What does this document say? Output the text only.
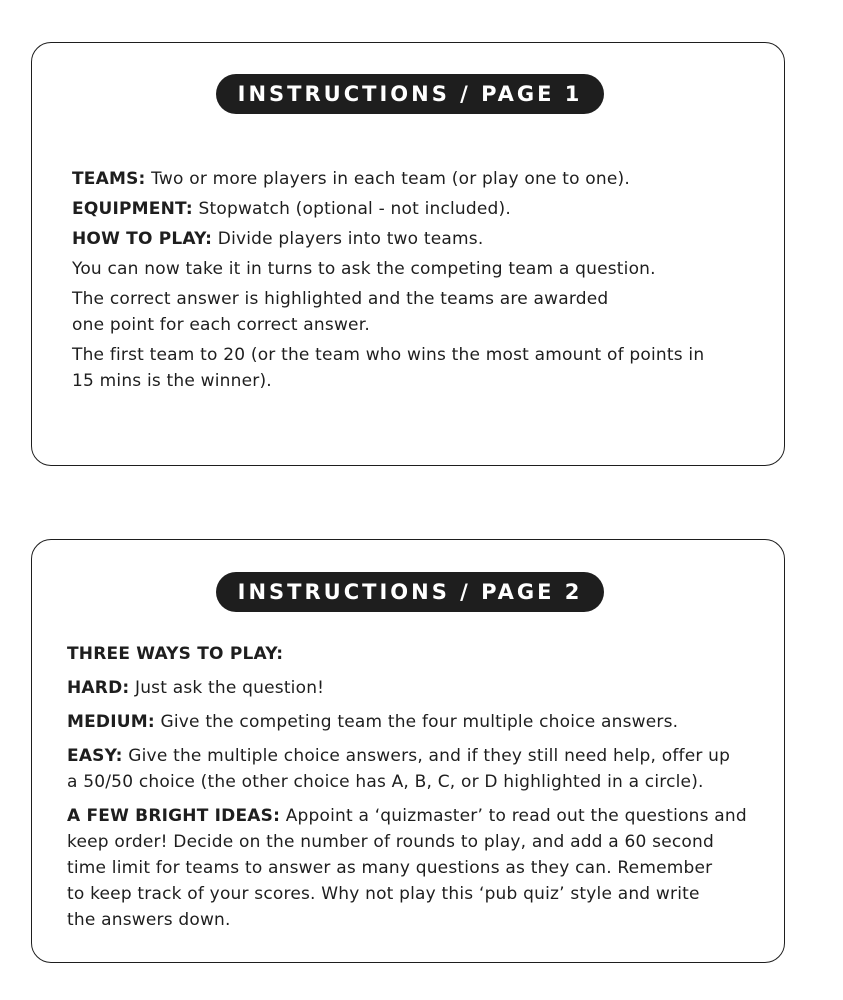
INSTRUCTIONS / PAGE 1

TEAMS: Two or more players in each team (or play one to one).

EQUIPMENT: Stopwatch (optional - not included).

HOW TO PLAY: Divide players into two teams.

You can now take it in turns to ask the competing team a question.

The correct answer is highlighted and the teams are awarded
one point for each correct answer.

The first team to 20 (or the team who wins the most amount of points in
15 mins is the winner).

INSTRUCTIONS / PAGE 2

THREE WAYS TO PLAY:

HARD: Just ask the question!

MEDIUM: Give the competing team the four multiple choice answers.

EASY: Give the multiple choice answers, and if they still need help, offer up
a 50/50 choice (the other choice has A, B, C, or D highlighted in a circle).

A FEW BRIGHT IDEAS: Appoint a ‘quizmaster’ to read out the questions and
keep order! Decide on the number of rounds to play, and add a 60 second
time limit for teams to answer as many questions as they can. Remember
to keep track of your scores. Why not play this ‘pub quiz’ style and write
the answers down.
